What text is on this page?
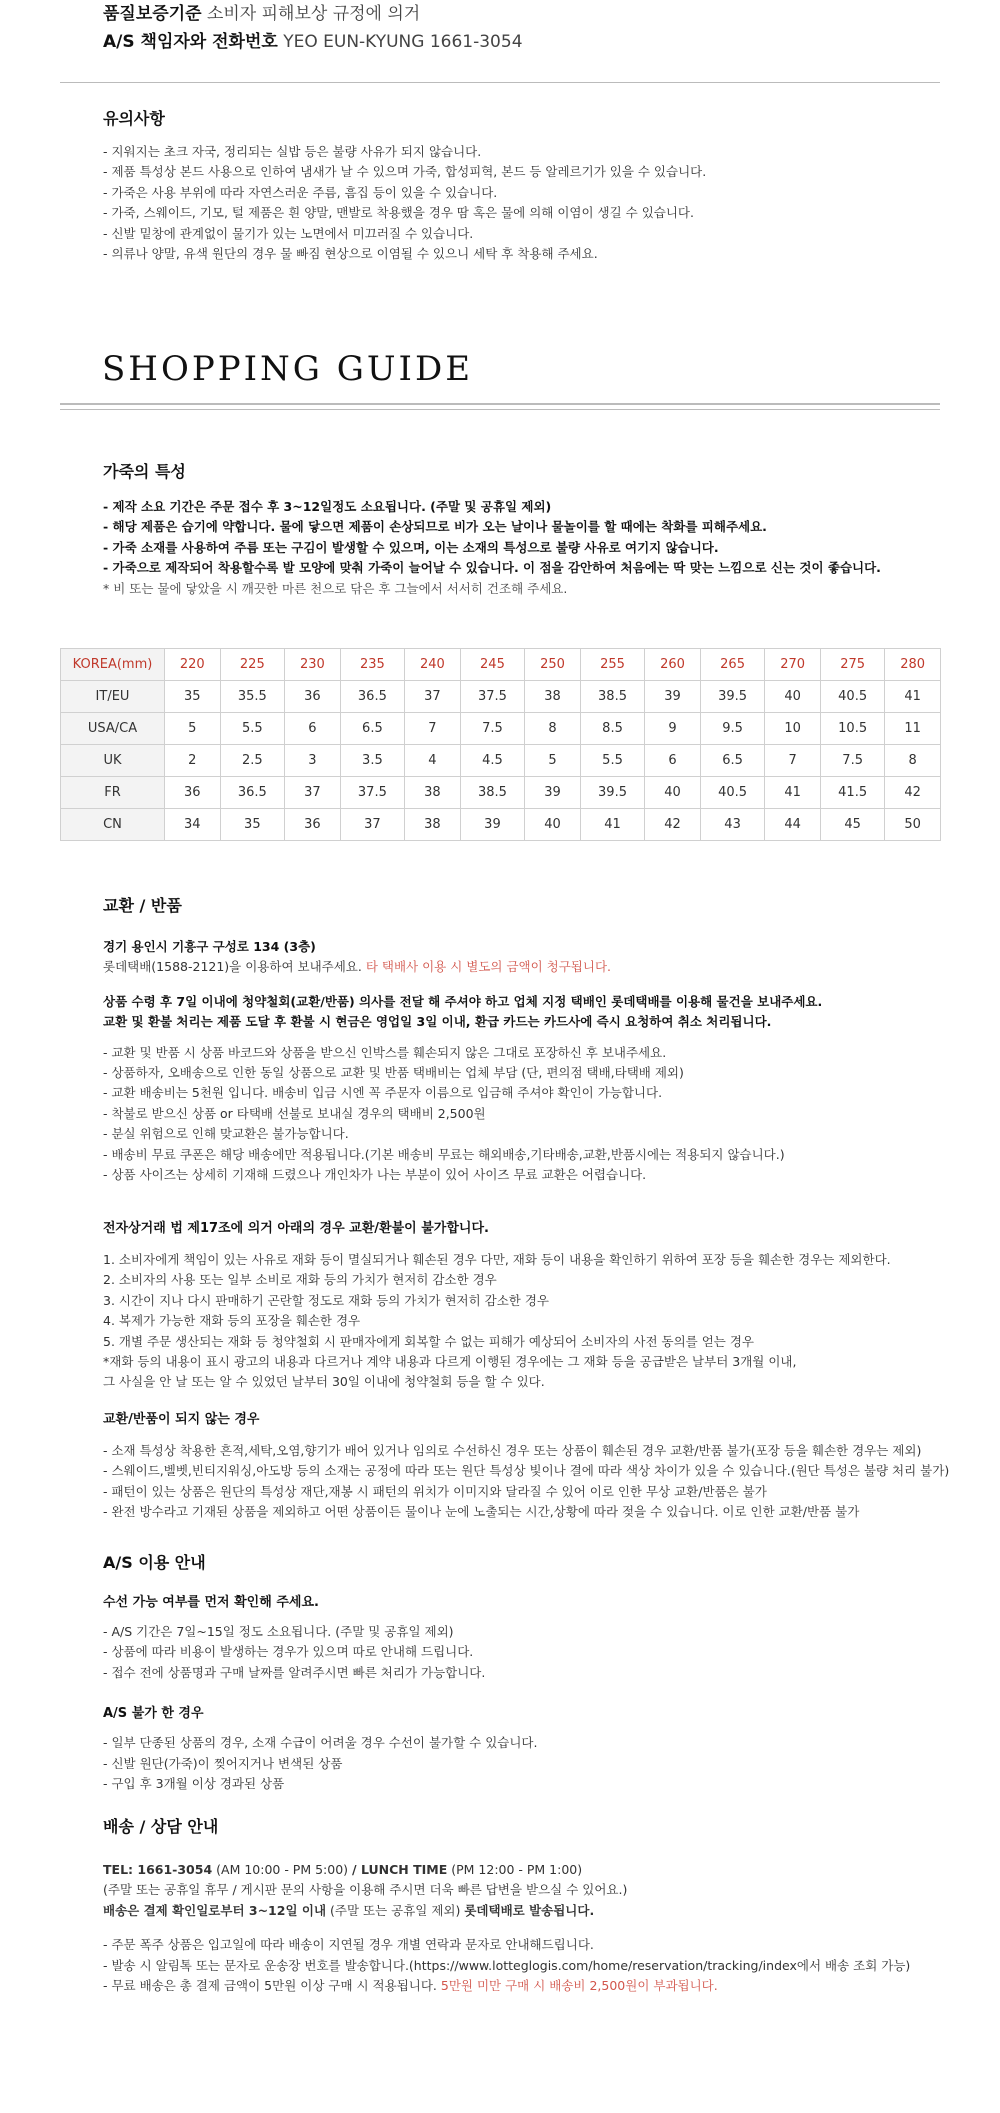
품질보증기준 소비자 피해보상 규정에 의거
A/S 책임자와 전화번호 YEO EUN-KYUNG 1661-3054
유의사항
- 지워지는 초크 자국, 정리되는 실밥 등은 불량 사유가 되지 않습니다.
- 제품 특성상 본드 사용으로 인하여 냄새가 날 수 있으며 가죽, 합성피혁, 본드 등 알레르기가 있을 수 있습니다.
- 가죽은 사용 부위에 따라 자연스러운 주름, 흠집 등이 있을 수 있습니다.
- 가죽, 스웨이드, 기모, 털 제품은 흰 양말, 맨발로 착용했을 경우 땀 혹은 물에 의해 이염이 생길 수 있습니다.
- 신발 밑창에 관계없이 물기가 있는 노면에서 미끄러질 수 있습니다.
- 의류나 양말, 유색 원단의 경우 물 빠짐 현상으로 이염될 수 있으니 세탁 후 착용해 주세요.
SHOPPING GUIDE
가죽의 특성
- 제작 소요 기간은 주문 접수 후 3~12일정도 소요됩니다. (주말 및 공휴일 제외)
- 해당 제품은 습기에 약합니다. 물에 닿으면 제품이 손상되므로 비가 오는 날이나 물놀이를 할 때에는 착화를 피해주세요.
- 가죽 소재를 사용하여 주름 또는 구김이 발생할 수 있으며, 이는 소재의 특성으로 불량 사유로 여기지 않습니다.
- 가죽으로 제작되어 착용할수록 발 모양에 맞춰 가죽이 늘어날 수 있습니다. 이 점을 감안하여 처음에는 딱 맞는 느낌으로 신는 것이 좋습니다.
* 비 또는 물에 닿았을 시 깨끗한 마른 천으로 닦은 후 그늘에서 서서히 건조해 주세요.
KOREA(mm)	220	225	230	235	240	245	250	255	260	265	270	275	280
IT/EU	35	35.5	36	36.5	37	37.5	38	38.5	39	39.5	40	40.5	41
USA/CA	5	5.5	6	6.5	7	7.5	8	8.5	9	9.5	10	10.5	11
UK	2	2.5	3	3.5	4	4.5	5	5.5	6	6.5	7	7.5	8
FR	36	36.5	37	37.5	38	38.5	39	39.5	40	40.5	41	41.5	42
CN	34	35	36	37	38	39	40	41	42	43	44	45	50
교환 / 반품

경기 용인시 기흥구 구성로 134 (3층)

롯데택배(1588-2121)을 이용하여 보내주세요. 타 택배사 이용 시 별도의 금액이 청구됩니다.

상품 수령 후 7일 이내에 청약철회(교환/반품) 의사를 전달 해 주셔야 하고 업체 지정 택배인 롯데택배를 이용해 물건을 보내주세요.

교환 및 환불 처리는 제품 도달 후 환불 시 현금은 영업일 3일 이내, 환급 카드는 카드사에 즉시 요청하여 취소 처리됩니다.

- 교환 및 반품 시 상품 바코드와 상품을 받으신 인박스를 훼손되지 않은 그대로 포장하신 후 보내주세요.
- 상품하자, 오배송으로 인한 동일 상품으로 교환 및 반품 택배비는 업체 부담 (단, 편의점 택배,타택배 제외)
- 교환 배송비는 5천원 입니다. 배송비 입금 시엔 꼭 주문자 이름으로 입금해 주셔야 확인이 가능합니다.
- 착불로 받으신 상품 or 타택배 선불로 보내실 경우의 택배비 2,500원
- 분실 위험으로 인해 맞교환은 불가능합니다.
- 배송비 무료 쿠폰은 해당 배송에만 적용됩니다.(기본 배송비 무료는 해외배송,기타배송,교환,반품시에는 적용되지 않습니다.)
- 상품 사이즈는 상세히 기재해 드렸으나 개인차가 나는 부분이 있어 사이즈 무료 교환은 어렵습니다.
전자상거래 법 제17조에 의거 아래의 경우 교환/환불이 불가합니다.
1. 소비자에게 책임이 있는 사유로 재화 등이 멸실되거나 훼손된 경우 다만, 재화 등이 내용을 확인하기 위하여 포장 등을 훼손한 경우는 제외한다.
2. 소비자의 사용 또는 일부 소비로 재화 등의 가치가 현저히 감소한 경우
3. 시간이 지나 다시 판매하기 곤란할 정도로 재화 등의 가치가 현저히 감소한 경우
4. 복제가 가능한 재화 등의 포장을 훼손한 경우
5. 개별 주문 생산되는 재화 등 청약철회 시 판매자에게 회복할 수 없는 피해가 예상되어 소비자의 사전 동의를 얻는 경우
*재화 등의 내용이 표시 광고의 내용과 다르거나 계약 내용과 다르게 이행된 경우에는 그 재화 등을 공급받은 날부터 3개월 이내,
그 사실을 안 날 또는 알 수 있었던 날부터 30일 이내에 청약철회 등을 할 수 있다.
교환/반품이 되지 않는 경우
- 소재 특성상 착용한 흔적,세탁,오염,향기가 배어 있거나 임의로 수선하신 경우 또는 상품이 훼손된 경우 교환/반품 불가(포장 등을 훼손한 경우는 제외)
- 스웨이드,벨벳,빈티지워싱,아도방 등의 소재는 공정에 따라 또는 원단 특성상 빛이나 결에 따라 색상 차이가 있을 수 있습니다.(원단 특성은 불량 처리 불가)
- 패턴이 있는 상품은 원단의 특성상 재단,재봉 시 패턴의 위치가 이미지와 달라질 수 있어 이로 인한 무상 교환/반품은 불가
- 완전 방수라고 기재된 상품을 제외하고 어떤 상품이든 물이나 눈에 노출되는 시간,상황에 따라 젖을 수 있습니다. 이로 인한 교환/반품 불가
A/S 이용 안내
수선 가능 여부를 먼저 확인해 주세요.
- A/S 기간은 7일~15일 정도 소요됩니다. (주말 및 공휴일 제외)
- 상품에 따라 비용이 발생하는 경우가 있으며 따로 안내해 드립니다.
- 접수 전에 상품명과 구매 날짜를 알려주시면 빠른 처리가 가능합니다.
A/S 불가 한 경우
- 일부 단종된 상품의 경우, 소재 수급이 어려울 경우 수선이 불가할 수 있습니다.
- 신발 원단(가죽)이 찢어지거나 변색된 상품
- 구입 후 3개월 이상 경과된 상품
배송 / 상담 안내

TEL: 1661-3054 (AM 10:00 - PM 5:00) / LUNCH TIME (PM 12:00 - PM 1:00)

(주말 또는 공휴일 휴무 / 게시판 문의 사항을 이용해 주시면 더욱 빠른 답변을 받으실 수 있어요.)

배송은 결제 확인일로부터 3~12일 이내 (주말 또는 공휴일 제외) 롯데택배로 발송됩니다.

- 주문 폭주 상품은 입고일에 따라 배송이 지연될 경우 개별 연락과 문자로 안내해드립니다.
- 발송 시 알림톡 또는 문자로 운송장 번호를 발송합니다.(https://www.lotteglogis.com/home/reservation/tracking/index에서 배송 조회 가능)
- 무료 배송은 총 결제 금액이 5만원 이상 구매 시 적용됩니다. 5만원 미만 구매 시 배송비 2,500원이 부과됩니다.
